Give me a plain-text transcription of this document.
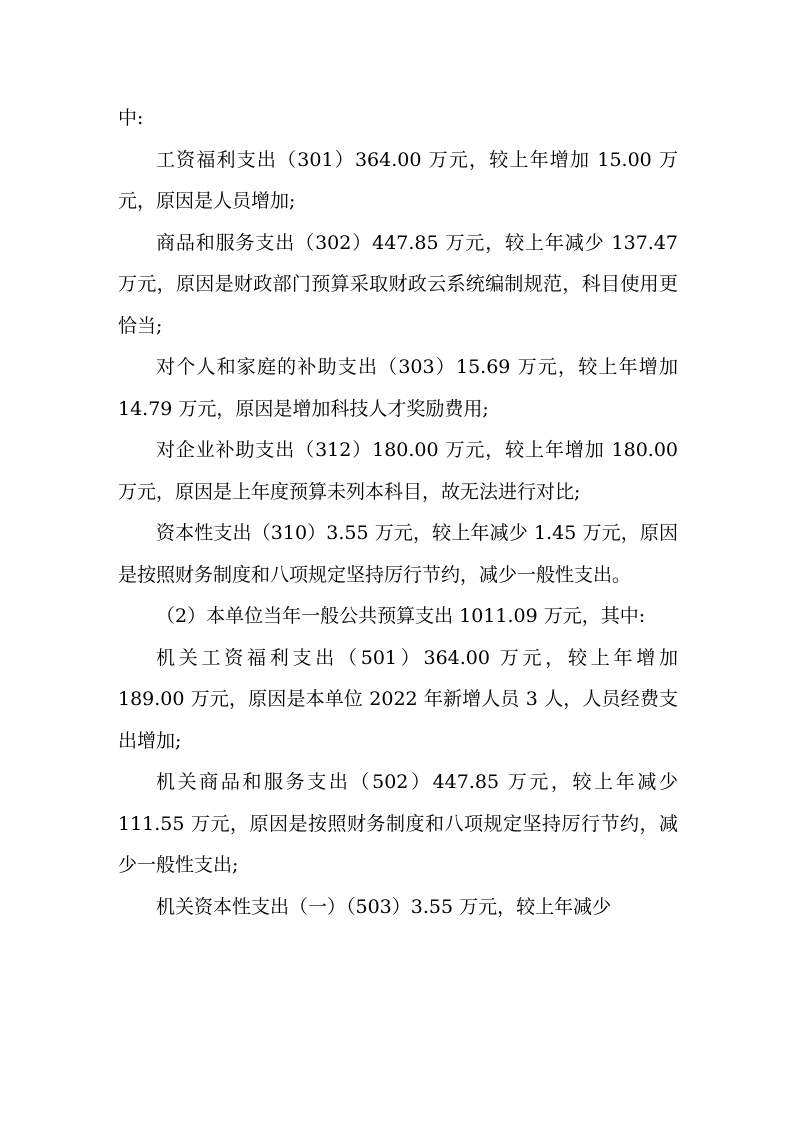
中:

工资福利支出（301）364.00 万元，较上年增加 15.00 万元，原因是人员增加;

商品和服务支出（302）447.85 万元，较上年减少 137.47 万元，原因是财政部门预算采取财政云系统编制规范，科目使用更恰当;

对个人和家庭的补助支出（303）15.69 万元，较上年增加 14.79 万元，原因是增加科技人才奖励费用;

对企业补助支出（312）180.00 万元，较上年增加 180.00 万元，原因是上年度预算未列本科目，故无法进行对比;

资本性支出（310）3.55 万元，较上年减少 1.45 万元，原因是按照财务制度和八项规定坚持厉行节约，减少一般性支出。

（2）本单位当年一般公共预算支出 1011.09 万元，其中:

机关工资福利支出（501）364.00 万元，较上年增加 189.00 万元，原因是本单位 2022 年新增人员 3 人，人员经费支出增加;

机关商品和服务支出（502）447.85 万元，较上年减少 111.55 万元，原因是按照财务制度和八项规定坚持厉行节约，减少一般性支出;

机关资本性支出（一）（503）3.55 万元，较上年减少
